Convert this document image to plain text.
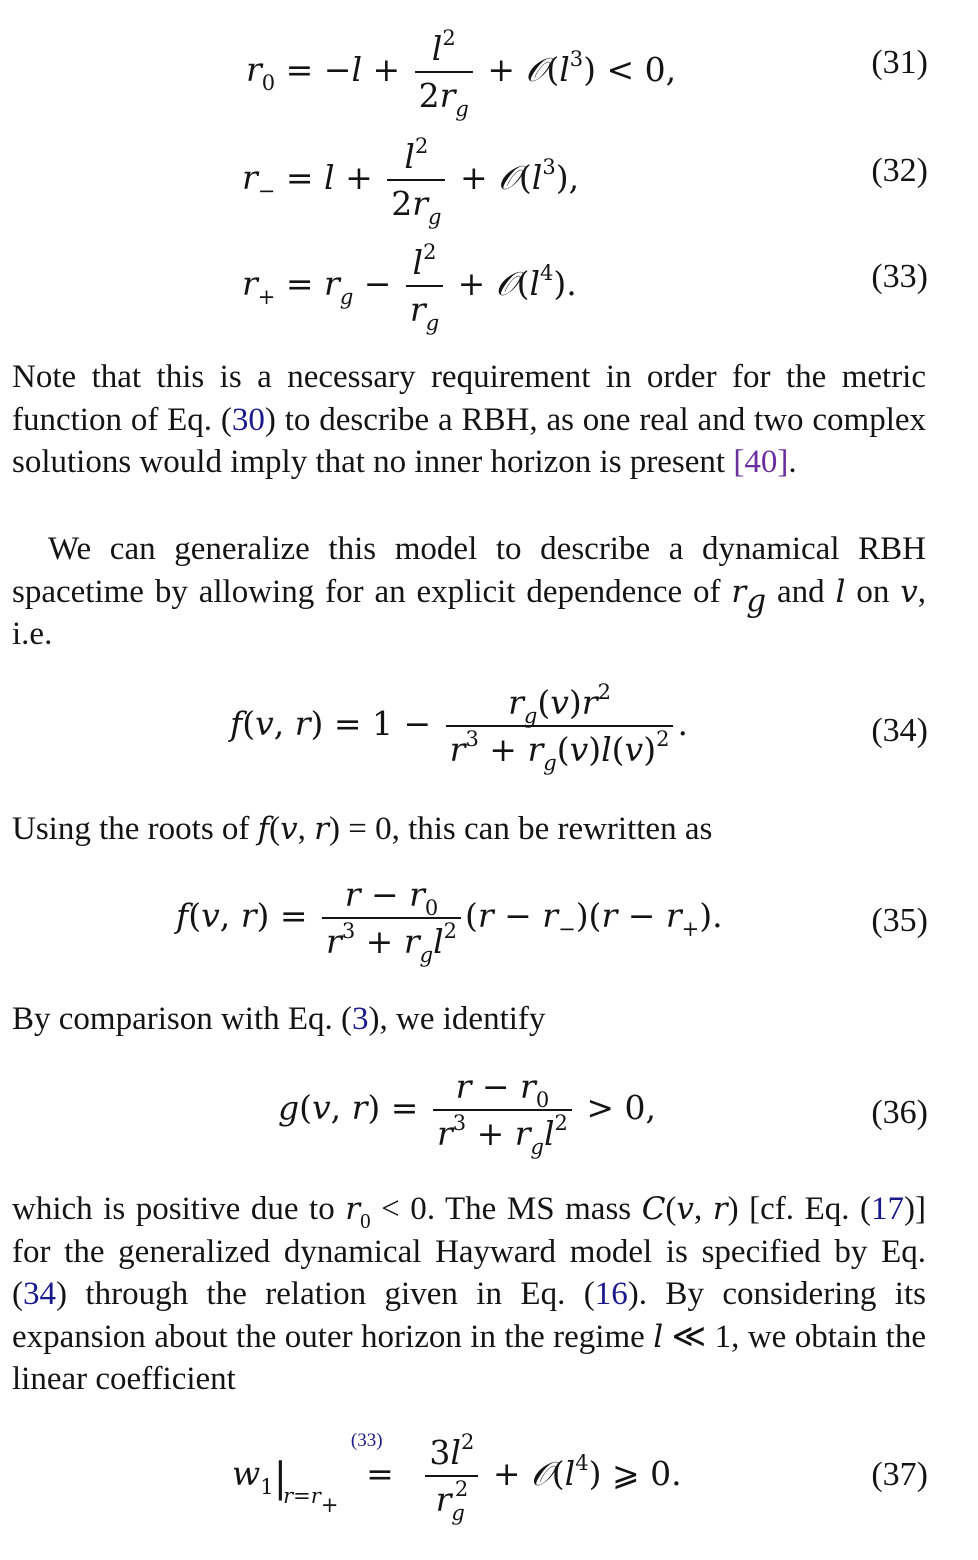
$r_0 = -l + \frac{l^2}{2r_g}$ + $𝒪(l^3) < 0$,	(31)
$r_- = l + \frac{l^2}{2r_g}$ + $𝒪(l^3)$,	(32)
$r_+ = r_g - \frac{l^2}{r_g}$ + $𝒪(l^4)$.	(33)
Note that this is a necessary requirement in order for the metric function of Eq. (30) to describe a RBH, as one real and two complex solutions would imply that no inner horizon is present [40].
We can generalize this model to describe a dynamical RBH spacetime by allowing for an explicit dependence of $r_g$ and l on v, i.e.
f(v, $r) = 1 - \frac{r_g(v)r^2}{r^3 + r_g(v)l(v)^2}$ .	(34)
Using the roots of f(v, r) = 0, this can be rewritten as
f(v, $r) = \frac{r - r_0}{r^3 + r_gl^2} (r - r_-)(r - r_+)$.	(35)
By comparison with Eq. (3), we identify
g(v, $r) = \frac{r - r_0}{r^3 + r_gl^2} > 0$,	(36)
which is positive due to $r_0 < 0$. The MS mass C(v, r) [cf. Eq. (17)] for the generalized dynamical Hayward model is specified by Eq. (34) through the relation given in Eq. (16). By considering its expansion about the outer horizon in the regime l ≪ 1, we obtain the linear coefficient
$w_1|_{r=r_+}$
(33)
= $\frac{3l^2}{r_g^2}$ + $𝒪(l^4)$ ⩾ 0.	(37)
